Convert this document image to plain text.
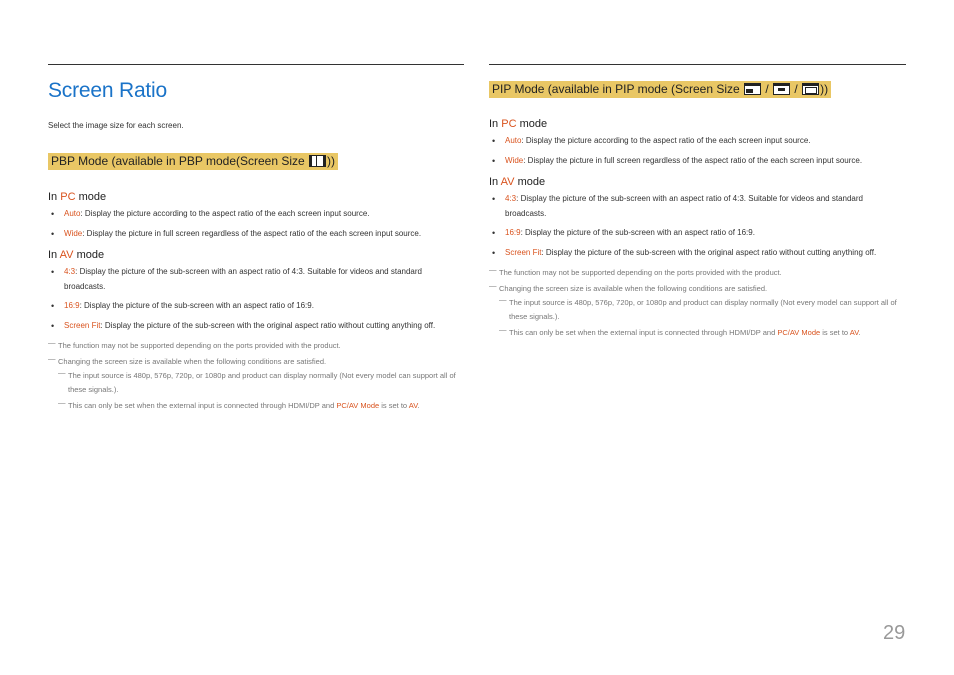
Screen Ratio

Select the image size for each screen.

PBP Mode (available in PBP mode(Screen Size ))

In PC mode

• Auto: Display the picture according to the aspect ratio of the each screen input source.
• Wide: Display the picture in full screen regardless of the aspect ratio of the each screen input source.

In AV mode

• 4:3: Display the picture of the sub-screen with an aspect ratio of 4:3. Suitable for videos and standard broadcasts.
• 16:9: Display the picture of the sub-screen with an aspect ratio of 16:9.
• Screen Fit: Display the picture of the sub-screen with the original aspect ratio without cutting anything off.

— The function may not be supported depending on the ports provided with the product.

— Changing the screen size is available when the following conditions are satisfied.

— The input source is 480p, 576p, 720p, or 1080p and product can display normally (Not every model can support all of these signals.).

— This can only be set when the external input is connected through HDMI/DP and PC/AV Mode is set to AV.

PIP Mode (available in PIP mode (Screen Size / / ))

In PC mode

• Auto: Display the picture according to the aspect ratio of the each screen input source.
• Wide: Display the picture in full screen regardless of the aspect ratio of the each screen input source.

In AV mode

• 4:3: Display the picture of the sub-screen with an aspect ratio of 4:3. Suitable for videos and standard broadcasts.
• 16:9: Display the picture of the sub-screen with an aspect ratio of 16:9.
• Screen Fit: Display the picture of the sub-screen with the original aspect ratio without cutting anything off.

— The function may not be supported depending on the ports provided with the product.

— Changing the screen size is available when the following conditions are satisfied.

— The input source is 480p, 576p, 720p, or 1080p and product can display normally (Not every model can support all of these signals.).

— This can only be set when the external input is connected through HDMI/DP and PC/AV Mode is set to AV.

29
